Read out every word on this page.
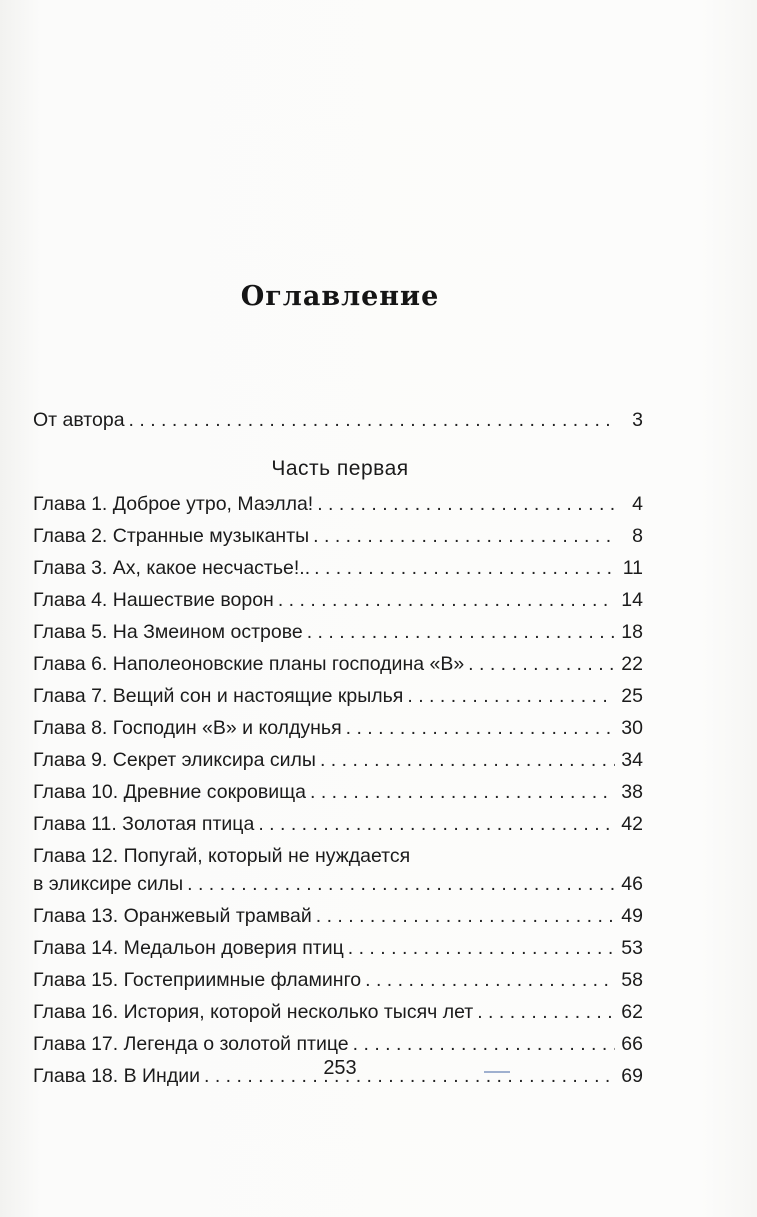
Оглавление
От автора . . .	3
Часть первая
Глава 1. Доброе утро, Маэлла! . . .	4
Глава 2. Странные музыканты . . .	8
Глава 3. Ах, какое несчастье!.. . . .	11
Глава 4. Нашествие ворон . . .	14
Глава 5. На Змеином острове . . .	18
Глава 6. Наполеоновские планы господина «В» . . .	22
Глава 7. Вещий сон и настоящие крылья . . .	25
Глава 8. Господин «В» и колдунья . . .	30
Глава 9. Секрет эликсира силы . . .	34
Глава 10. Древние сокровища . . .	38
Глава 11. Золотая птица . . .	42
Глава 12. Попугай, который не нуждается
в эликсире силы . . .	46
Глава 13. Оранжевый трамвай . . .	49
Глава 14. Медальон доверия птиц . . .	53
Глава 15. Гостеприимные фламинго . . .	58
Глава 16. История, которой несколько тысяч лет . . .	62
Глава 17. Легенда о золотой птице . . .	66
Глава 18. В Индии . . .	69
253
